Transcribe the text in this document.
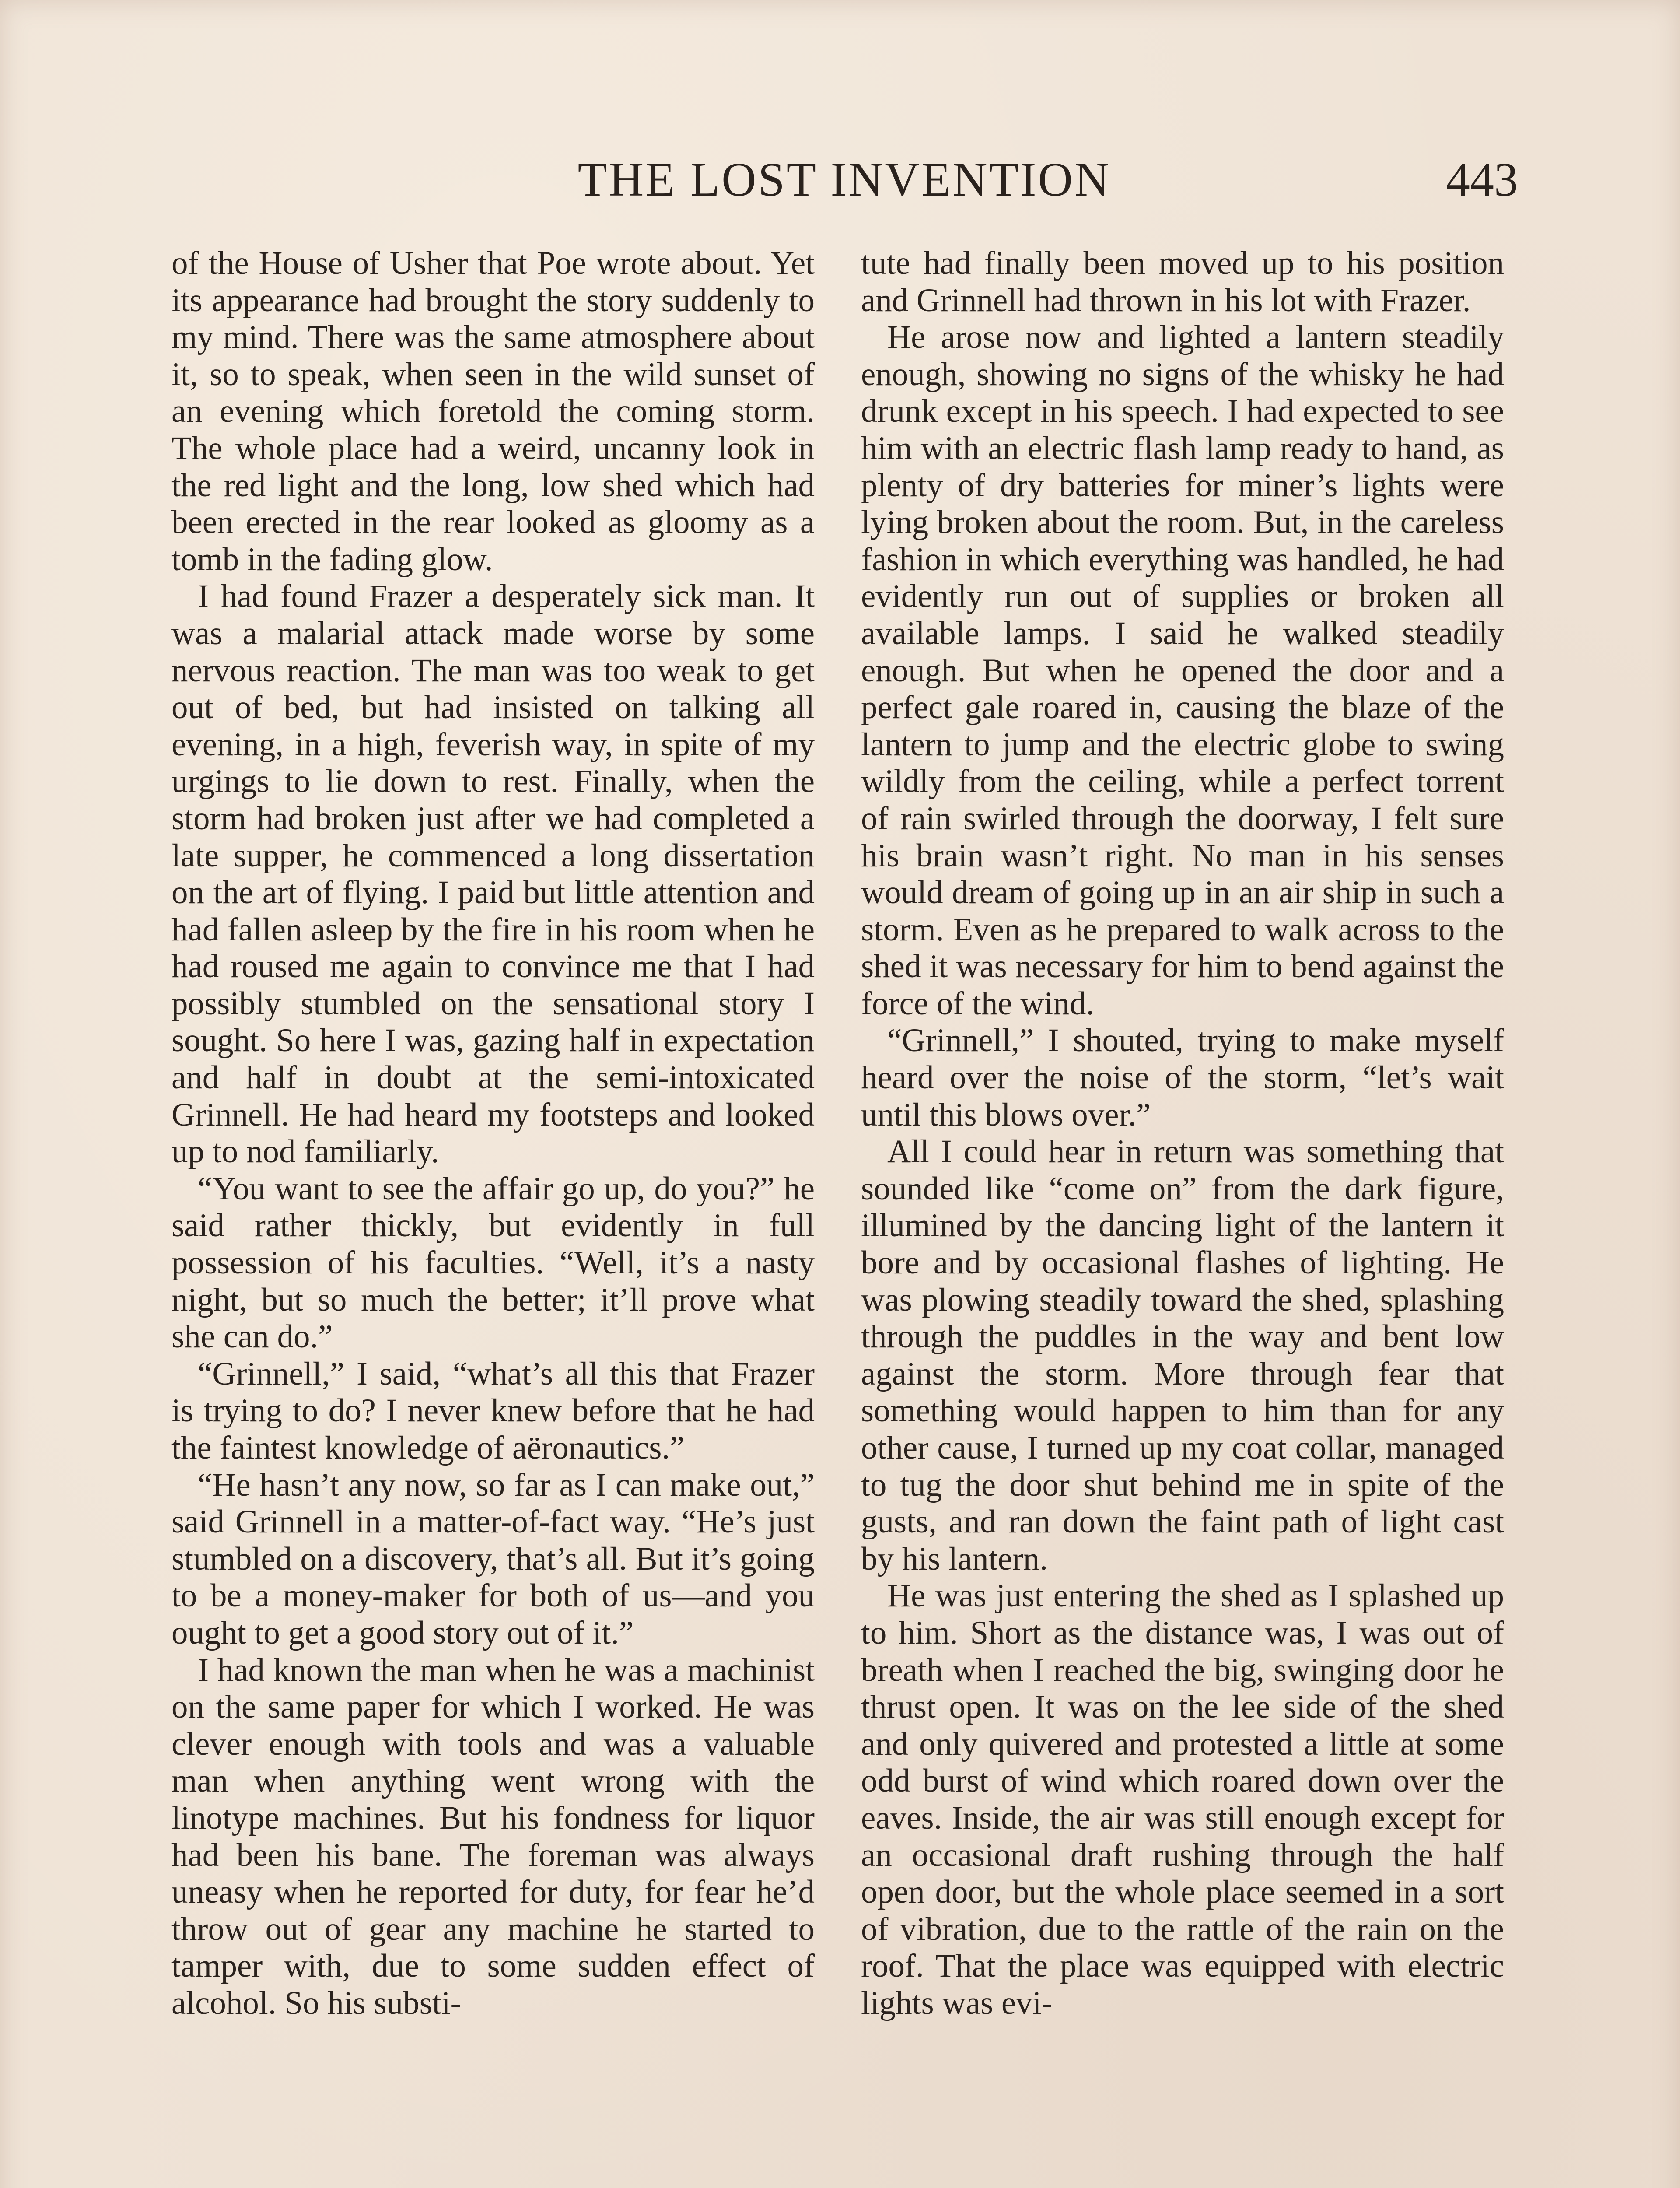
THE LOST INVENTION	443

of the House of Usher that Poe wrote about. Yet its appearance had brought the story suddenly to my mind. There was the same atmosphere about it, so to speak, when seen in the wild sunset of an evening which foretold the coming storm. The whole place had a weird, uncanny look in the red light and the long, low shed which had been erected in the rear looked as gloomy as a tomb in the fading glow.

I had found Frazer a desperately sick man. It was a malarial attack made worse by some nervous reaction. The man was too weak to get out of bed, but had insisted on talking all evening, in a high, feverish way, in spite of my urgings to lie down to rest. Finally, when the storm had broken just after we had completed a late supper, he commenced a long dissertation on the art of flying. I paid but little attention and had fallen asleep by the fire in his room when he had roused me again to convince me that I had possibly stumbled on the sensational story I sought. So here I was, gazing half in expectation and half in doubt at the semi-intoxicated Grinnell. He had heard my footsteps and looked up to nod familiarly.

“You want to see the affair go up, do you?” he said rather thickly, but evidently in full possession of his faculties. “Well, it’s a nasty night, but so much the better; it’ll prove what she can do.”

“Grinnell,” I said, “what’s all this that Frazer is trying to do? I never knew before that he had the faintest knowledge of aëronautics.”

“He hasn’t any now, so far as I can make out,” said Grinnell in a matter-of-fact way. “He’s just stumbled on a discovery, that’s all. But it’s going to be a money-maker for both of us—and you ought to get a good story out of it.”

I had known the man when he was a machinist on the same paper for which I worked. He was clever enough with tools and was a valuable man when anything went wrong with the linotype machines. But his fondness for liquor had been his bane. The foreman was always uneasy when he reported for duty, for fear he’d throw out of gear any machine he started to tamper with, due to some sudden effect of alcohol. So his substi-

tute had finally been moved up to his position and Grinnell had thrown in his lot with Frazer.

He arose now and lighted a lantern steadily enough, showing no signs of the whisky he had drunk except in his speech. I had expected to see him with an electric flash lamp ready to hand, as plenty of dry batteries for miner’s lights were lying broken about the room. But, in the careless fashion in which everything was handled, he had evidently run out of supplies or broken all available lamps. I said he walked steadily enough. But when he opened the door and a perfect gale roared in, causing the blaze of the lantern to jump and the electric globe to swing wildly from the ceiling, while a perfect torrent of rain swirled through the doorway, I felt sure his brain wasn’t right. No man in his senses would dream of going up in an air ship in such a storm. Even as he prepared to walk across to the shed it was necessary for him to bend against the force of the wind.

“Grinnell,” I shouted, trying to make myself heard over the noise of the storm, “let’s wait until this blows over.”

All I could hear in return was something that sounded like “come on” from the dark figure, illumined by the dancing light of the lantern it bore and by occasional flashes of lighting. He was plowing steadily toward the shed, splashing through the puddles in the way and bent low against the storm. More through fear that something would happen to him than for any other cause, I turned up my coat collar, managed to tug the door shut behind me in spite of the gusts, and ran down the faint path of light cast by his lantern.

He was just entering the shed as I splashed up to him. Short as the distance was, I was out of breath when I reached the big, swinging door he thrust open. It was on the lee side of the shed and only quivered and protested a little at some odd burst of wind which roared down over the eaves. Inside, the air was still enough except for an occasional draft rushing through the half open door, but the whole place seemed in a sort of vibration, due to the rattle of the rain on the roof. That the place was equipped with electric lights was evi-
